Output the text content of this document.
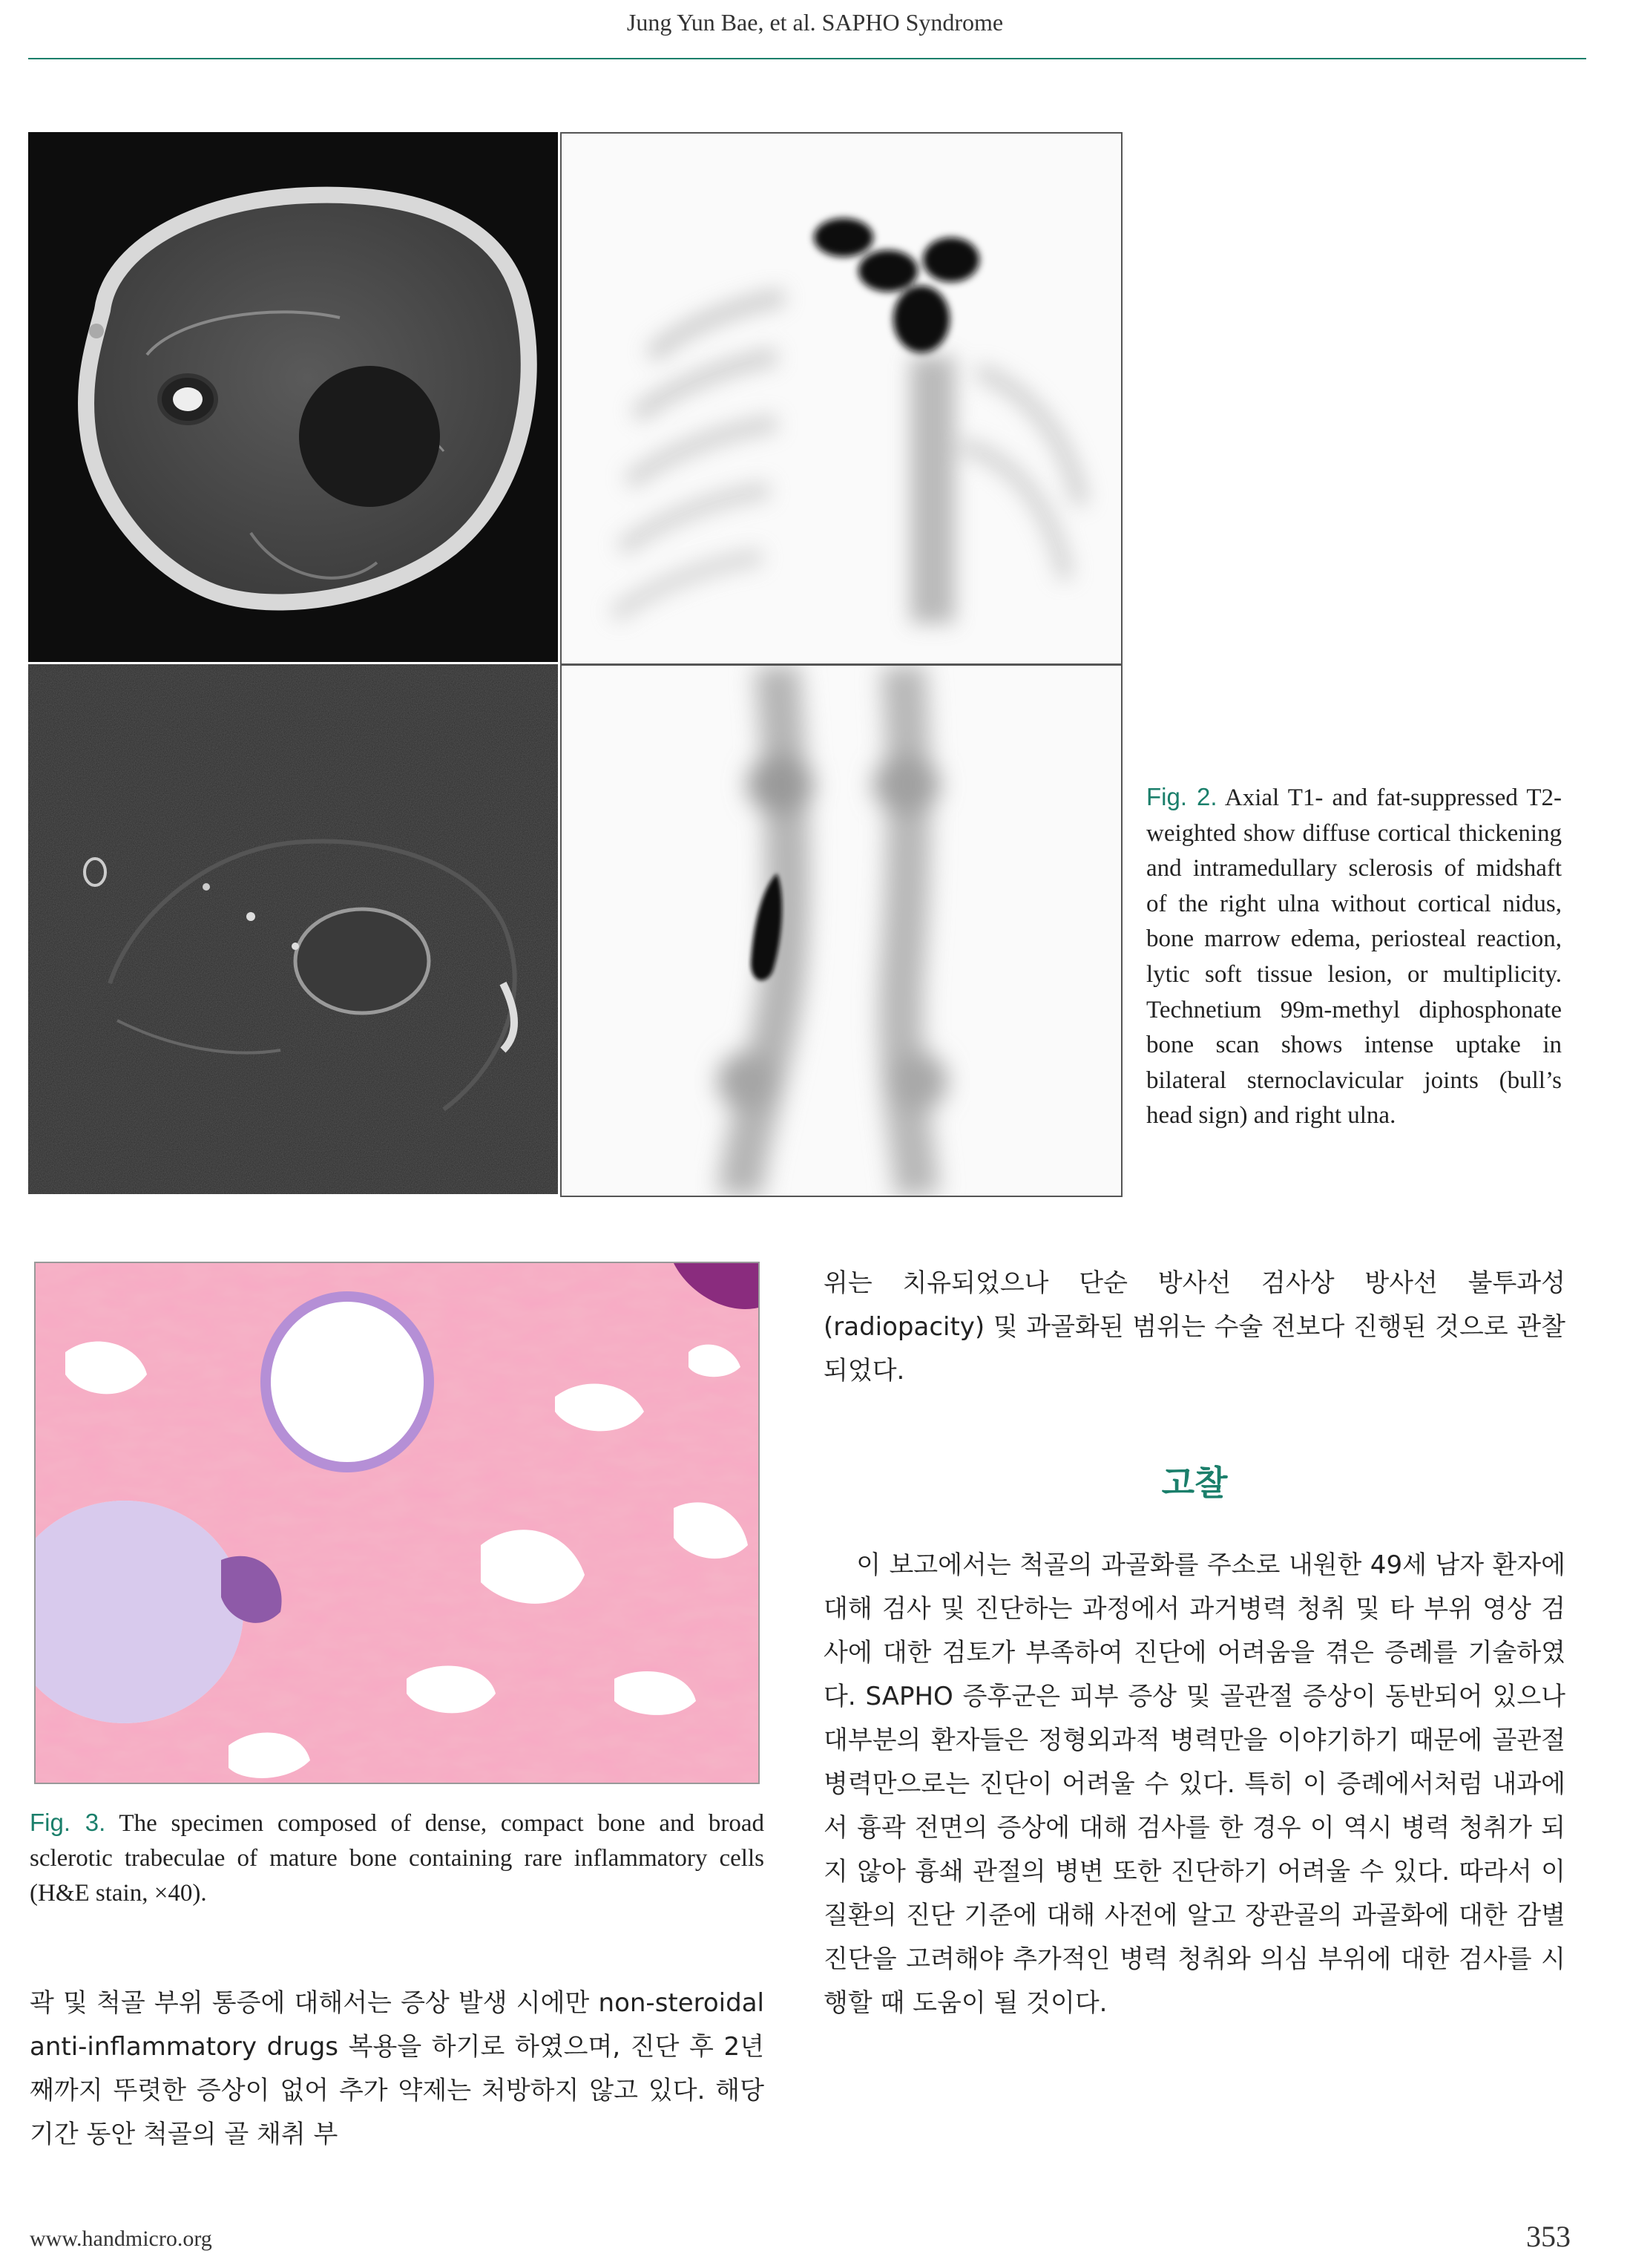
Jung Yun Bae, et al. SAPHO Syndrome
Fig. 2. Axial T1- and fat-suppressed T2-weighted show diffuse cortical thickening and intramedullary sclerosis of midshaft of the right ulna without cortical nidus, bone marrow edema, periosteal reaction, lytic soft tissue lesion, or multiplicity. Technetium 99m-methyl diphosphonate bone scan shows intense uptake in bilateral sternoclavicular joints (bull’s head sign) and right ulna.
Fig. 3. The specimen composed of dense, compact bone and broad sclerotic trabeculae of mature bone containing rare inflammatory cells (H&E stain, ×40).
곽 및 척골 부위 통증에 대해서는 증상 발생 시에만 non-steroidal anti-inflammatory drugs 복용을 하기로 하였으며, 진단 후 2년째까지 뚜렷한 증상이 없어 추가 약제는 처방하지 않고 있다. 해당 기간 동안 척골의 골 채취 부
위는 치유되었으나 단순 방사선 검사상 방사선 불투과성 (radiopacity) 및 과골화된 범위는 수술 전보다 진행된 것으로 관찰되었다.
고찰
이 보고에서는 척골의 과골화를 주소로 내원한 49세 남자 환자에 대해 검사 및 진단하는 과정에서 과거병력 청취 및 타 부위 영상 검사에 대한 검토가 부족하여 진단에 어려움을 겪은 증례를 기술하였다. SAPHO 증후군은 피부 증상 및 골관절 증상이 동반되어 있으나 대부분의 환자들은 정형외과적 병력만을 이야기하기 때문에 골관절 병력만으로는 진단이 어려울 수 있다. 특히 이 증례에서처럼 내과에서 흉곽 전면의 증상에 대해 검사를 한 경우 이 역시 병력 청취가 되지 않아 흉쇄 관절의 병변 또한 진단하기 어려울 수 있다. 따라서 이 질환의 진단 기준에 대해 사전에 알고 장관골의 과골화에 대한 감별 진단을 고려해야 추가적인 병력 청취와 의심 부위에 대한 검사를 시행할 때 도움이 될 것이다.
www.handmicro.org	353
